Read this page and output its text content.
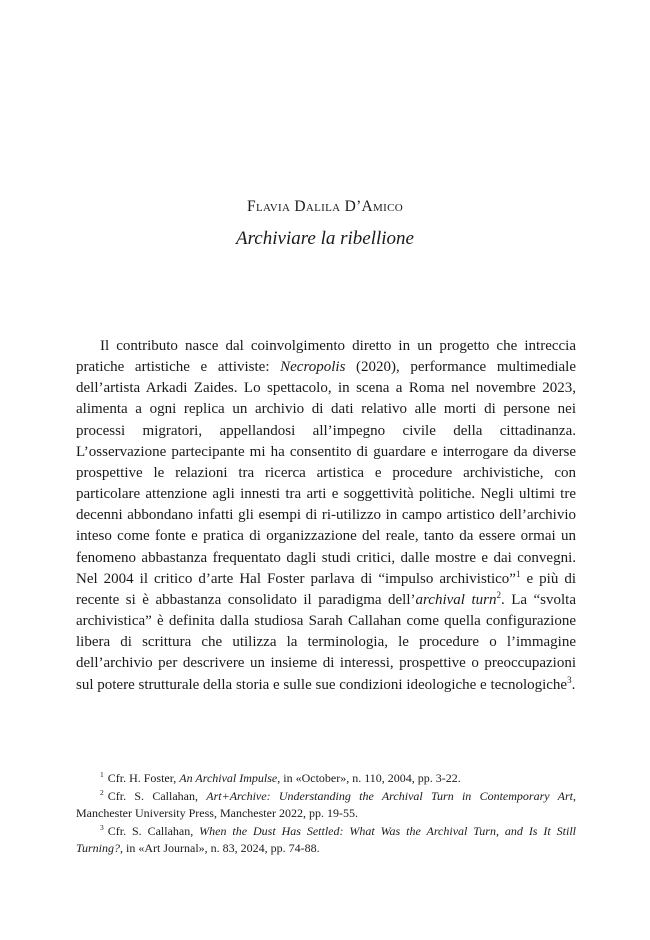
Flavia Dalila D’Amico
Archiviare la ribellione

Il contributo nasce dal coinvolgimento diretto in un progetto che intreccia pratiche artistiche e attiviste: Necropolis (2020), performance multimediale dell’artista Arkadi Zaides. Lo spettacolo, in scena a Roma nel novembre 2023, alimenta a ogni replica un archivio di dati relativo alle morti di persone nei processi migratori, appellandosi all’impegno civile della cittadinanza. L’osservazione partecipante mi ha consentito di guardare e interrogare da diverse prospettive le relazioni tra ricerca artistica e procedure archivistiche, con particolare attenzione agli innesti tra arti e soggettività politiche. Negli ultimi tre decenni abbondano infatti gli esempi di ri-utilizzo in campo artistico dell’archivio inteso come fonte e pratica di organizzazione del reale, tanto da essere ormai un fenomeno abbastanza frequentato dagli studi critici, dalle mostre e dai convegni. Nel 2004 il critico d’arte Hal Foster parlava di “impulso archivistico”$^1$ e più di recente si è abbastanza consolidato il paradigma dell’archival turn$^2$. La “svolta archivistica” è definita dalla studiosa Sarah Callahan come quella configurazione libera di scrittura che utilizza la terminologia, le procedure o l’immagine dell’archivio per descrivere un insieme di interessi, prospettive o preoccupazioni sul potere strutturale della storia e sulle sue condizioni ideologiche e tecnologiche$^3$.

$^1$ Cfr. H. Foster, An Archival Impulse, in «October», n. 110, 2004, pp. 3-22.

$^2$ Cfr. S. Callahan, Art+Archive: Understanding the Archival Turn in Contemporary Art, Manchester University Press, Manchester 2022, pp. 19-55.

$^3$ Cfr. S. Callahan, When the Dust Has Settled: What Was the Archival Turn, and Is It Still Turning?, in «Art Journal», n. 83, 2024, pp. 74-88.
